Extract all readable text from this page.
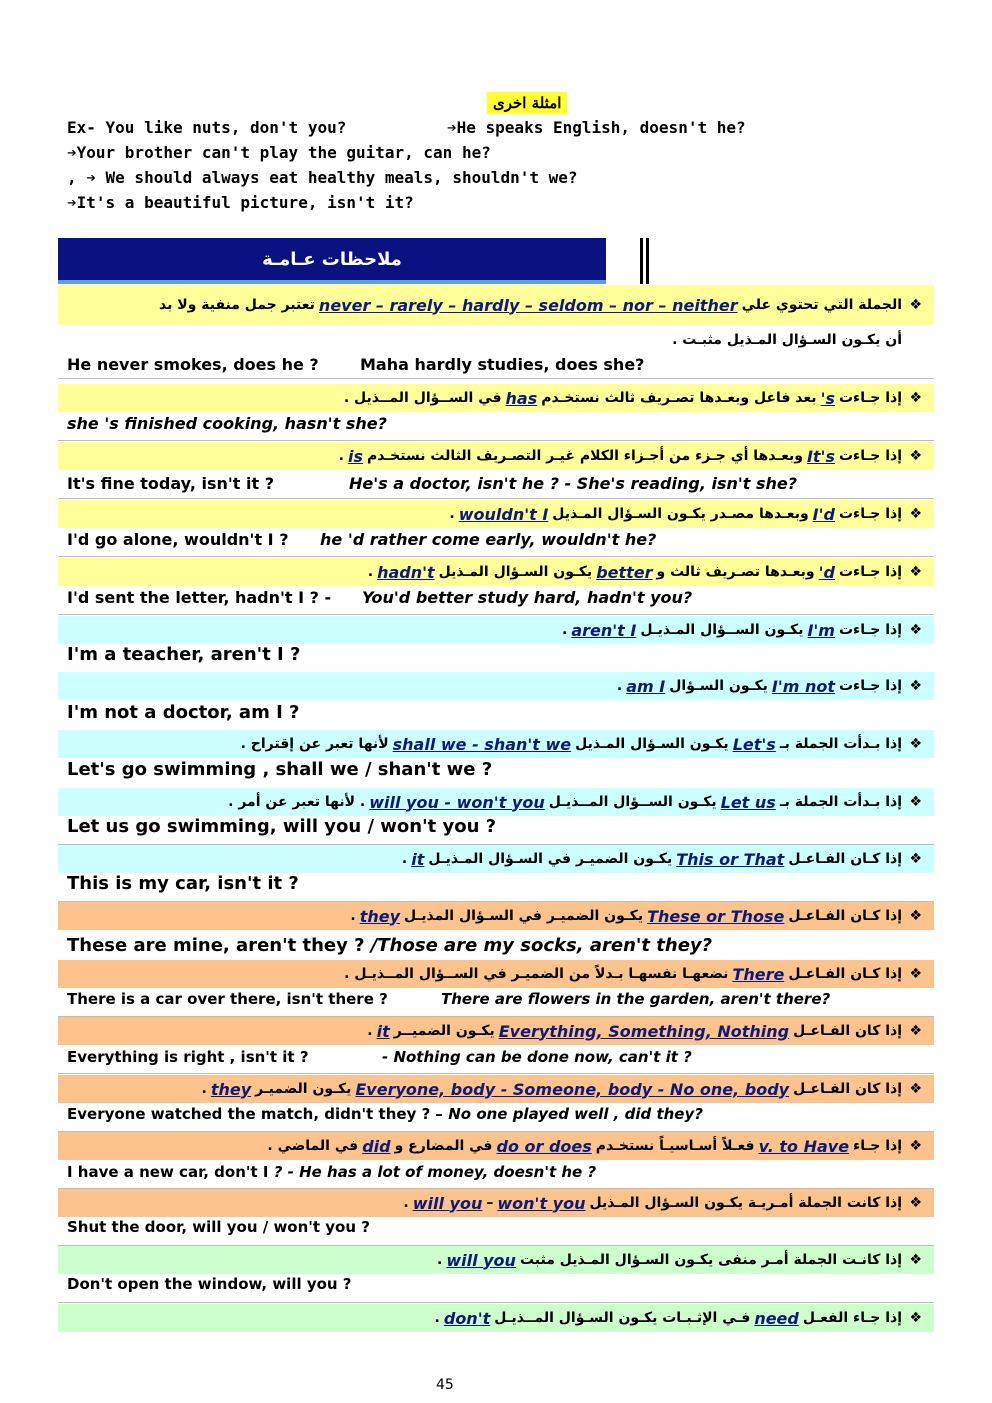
امثلة اخرى
Ex- You like nuts, don't you?	➔He speaks English, doesn't he?
➔Your brother can't play the guitar, can he?
, ➔ We should always eat healthy meals, shouldn't we?
➔It's a beautiful picture, isn't it?
ملاحظات عـامـة
❖
الجملة التي تحتوي علي
never – rarely – hardly – seldom – nor – neither
تعتبر جمل منفية ولا بد
أن يكـون السـؤال المـذيل مثبـت .
He never smokes, does he ?	Maha hardly studies, does she?
❖
إذا جـاءت
's
بعد فاعل وبعـدها تصـريف ثالث نستخـدم
has
في الســؤال المــذيل .
she 's finished cooking, hasn't she?
❖
إذا جـاءت
It's
وبعـدها أي جـزء من أجـزاء الكلام غيـر التصـريف الثالث نستخـدم
is
.
It's fine today, isn't it ?	He's a doctor, isn't he ? - She's reading, isn't she?
❖
إذا جـاءت
I'd
وبعـدها مصـدر يكـون السـؤال المـذيل
wouldn't I
.
I'd go alone, wouldn't I ? he 'd rather come early, wouldn't he?
❖
إذا جـاءت
'd
وبعـدها تصـريف ثالث و
better
يكـون السـؤال المـذيل
hadn't
.
I'd sent the letter, hadn't I ? - You'd better study hard, hadn't you?
❖
إذا جـاءت
I'm
يكـون الســؤال المـذيـل
aren't I
.
I'm a teacher, aren't I ?
❖
إذا جـاءت
I'm not
يكـون السـؤال
am I
.
I'm not a doctor, am I ?
❖
إذا بـدأت الجملة بـ
Let's
يكـون السـؤال المـذيل
shall we - shan't we
لأنها تعبر عن إقتراح .
Let's go swimming , shall we / shan't we ?
❖
إذا بـدأت الجملة بـ
Let us
يكـون الســؤال المــذيـل
will you - won't you
. لأنها تعبر عن أمر .
Let us go swimming, will you / won't you ?
❖
إذا كـان الفـاعـل
This or That
يكـون الضميـر في السـؤال المـذيـل
it
.
This is my car, isn't it ?
❖
إذا كـان الفـاعـل
These or Those
يكـون الضميـر في السـؤال المذيـل
they
.
These are mine, aren't they ? /Those are my socks, aren't they?
❖
إذا كـان الفـاعـل
There
نضعهـا نفسهـا بـدلاً من الضميـر في الســؤال المــذيـل .
There is a car over there, isn't there ?	There are flowers in the garden, aren't there?
❖
إذا كان الفـاعـل
Everything, Something, Nothing
يكـون الضميــر
it
.
Everything is right , isn't it ?	- Nothing can be done now, can't it ?
❖
إذا كان الفـاعـل
Everyone, body - Someone, body - No one, body
يكـون الضميـر
they
.
Everyone watched the match, didn't they ? – No one played well , did they?
❖
إذا جـاء
v. to Have
فعـلاً أسـاسيـاً نستخـدم
do or does
في المضارع و
did
في الماضي .
I have a new car, don't I ? - He has a lot of money, doesn't he ?
❖
إذا كانت الجملة أمـريـة يكـون السـؤال المـذيل
won't you
–
will you
.
Shut the door, will you / won't you ?
❖
إذا كانـت الجملة أمـر منفى يكـون السـؤال المـذيل مثبت
will you
.
Don't open the window, will you ?
❖
إذا جـاء الفعـل
need
فـي الإثـبـات يكـون السـؤال المــذيـل
don't
.
45
